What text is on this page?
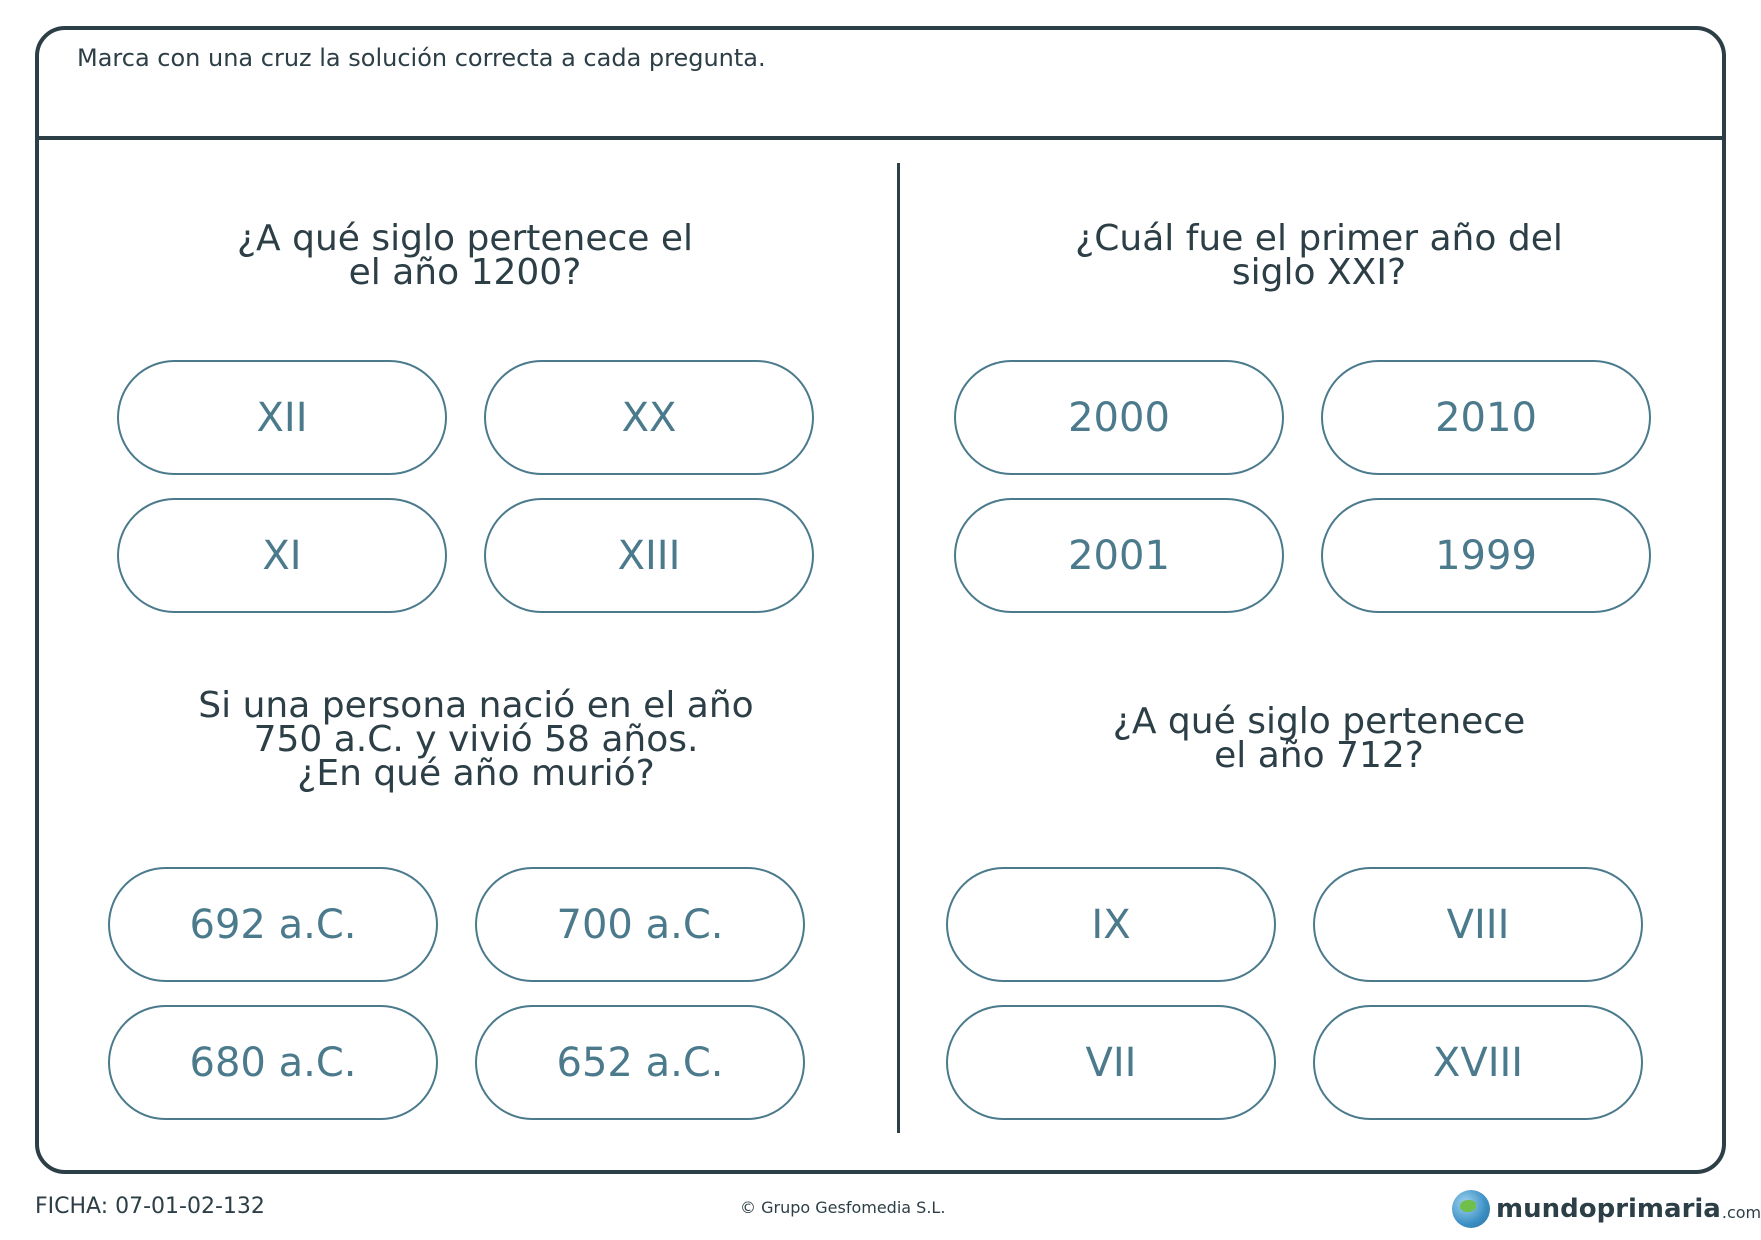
Marca con una cruz la solución correcta a cada pregunta.
¿A qué siglo pertenece el
el año 1200?
XII	XX
XI	XIII
¿Cuál fue el primer año del
siglo XXI?
2000	2010
2001	1999
Si una persona nació en el año
750 a.C. y vivió 58 años.
¿En qué año murió?
692 a.C.	700 a.C.
680 a.C.	652 a.C.
¿A qué siglo pertenece
el año 712?
IX	VIII
VII	XVIII
FICHA: 07-01-02-132	© Grupo Gesfomedia S.L.	mundoprimaria .com
